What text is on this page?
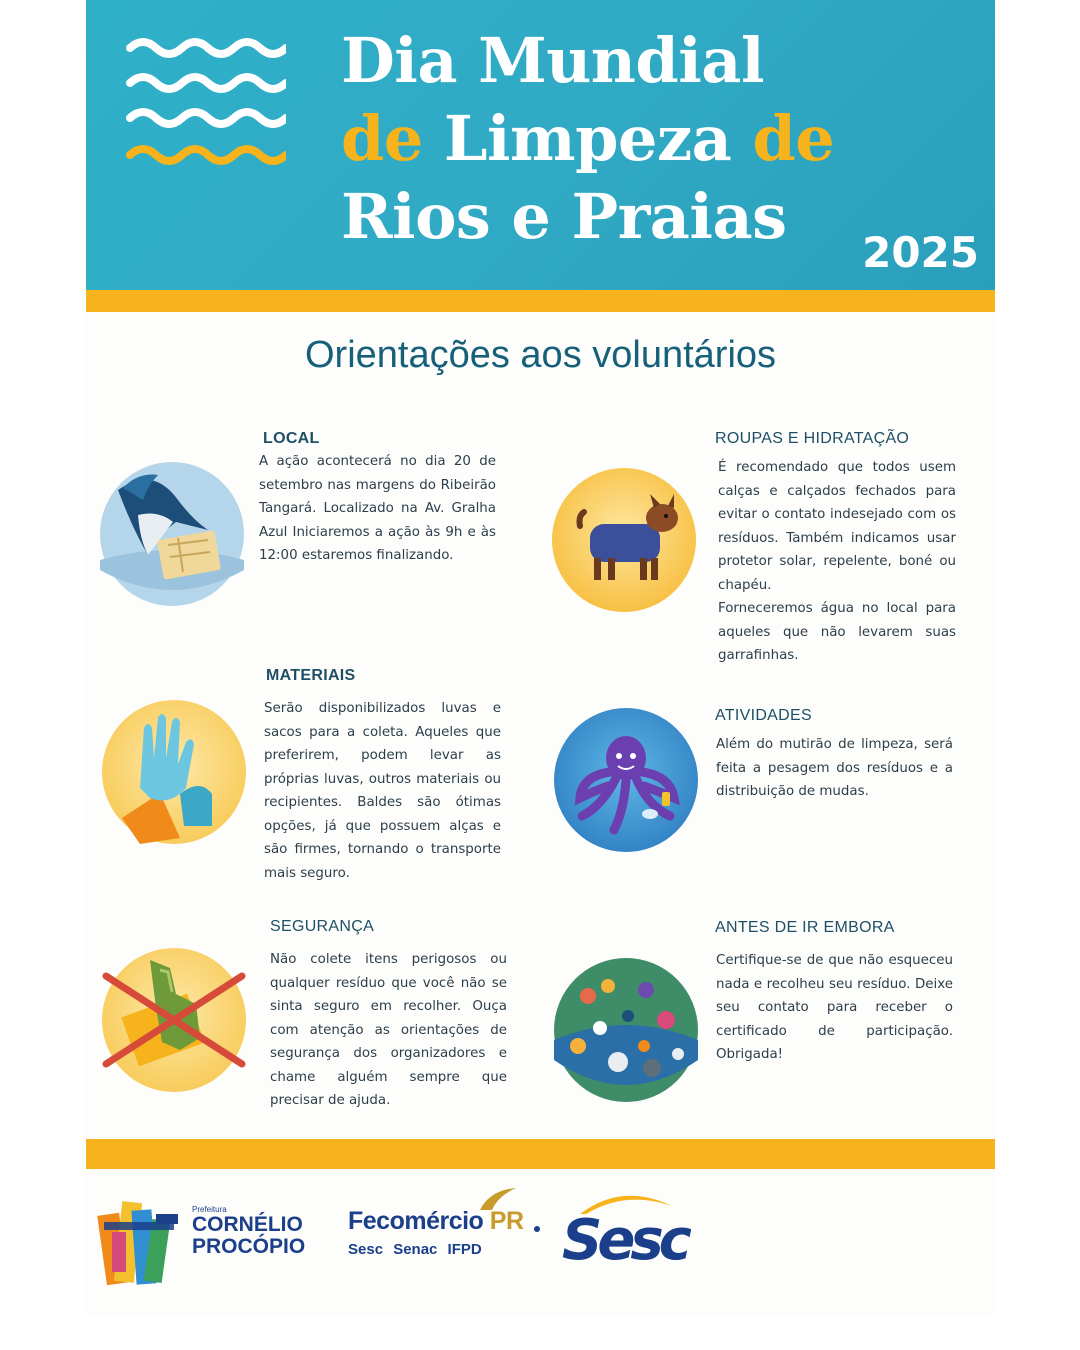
Dia Mundial
de Limpeza de
Rios e Praias 2025
Orientações aos voluntários
LOCAL

A ação acontecerá no dia 20 de setembro nas margens do Ribeirão Tangará. Localizado na Av. Gralha Azul Iniciaremos a ação às 9h e às 12:00 estaremos finalizando.

ROUPAS E HIDRATAÇÃO

É recomendado que todos usem calças e calçados fechados para evitar o contato indesejado com os resíduos. Também indicamos usar protetor solar, repelente, boné ou chapéu.

Forneceremos água no local para aqueles que não levarem suas garrafinhas.

MATERIAIS

Serão disponibilizados luvas e sacos para a coleta. Aqueles que preferirem, podem levar as próprias luvas, outros materiais ou recipientes. Baldes são ótimas opções, já que possuem alças e são firmes, tornando o transporte mais seguro.

ATIVIDADES

Além do mutirão de limpeza, será feita a pesagem dos resíduos e a distribuição de mudas.

SEGURANÇA

Não colete itens perigosos ou qualquer resíduo que você não se sinta seguro em recolher. Ouça com atenção as orientações de segurança dos organizadores e chame alguém sempre que precisar de ajuda.

ANTES DE IR EMBORA

Certifique-se de que não esqueceu nada e recolheu seu resíduo. Deixe seu contato para receber o certificado de participação. Obrigada!

Prefeitura
CORNÉLIO
PROCÓPIO
Fecomércio PR
Sesc Senac IFPD Sesc
